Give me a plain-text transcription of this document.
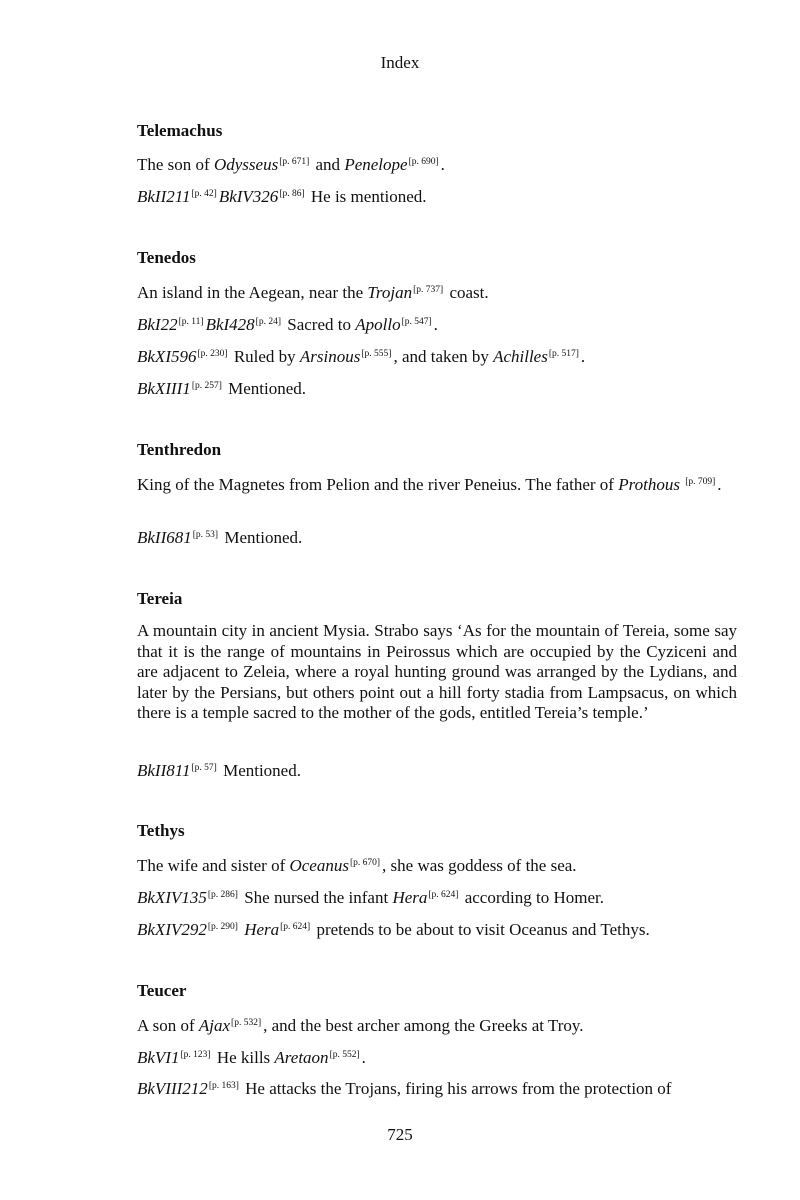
Index
Telemachus
The son of Odysseus[p. 671] and Penelope[p. 690] .
BkII211[p. 42] BkIV326[p. 86] He is mentioned.
Tenedos
An island in the Aegean, near the Trojan[p. 737] coast.
BkI22[p. 11] BkI428[p. 24] Sacred to Apollo[p. 547] .
BkXI596[p. 230] Ruled by Arsinous[p. 555] , and taken by Achilles[p. 517] .
BkXIII1[p. 257] Mentioned.
Tenthredon
King of the Magnetes from Pelion and the river Peneius. The father of Prothous [p. 709] .
BkII681[p. 53] Mentioned.
Tereia
A mountain city in ancient Mysia. Strabo says ‘As for the mountain of Tereia, some say that it is the range of mountains in Peirossus which are occupied by the Cyziceni and are adjacent to Zeleia, where a royal hunting ground was arranged by the Lydians, and later by the Persians, but others point out a hill forty stadia from Lampsacus, on which there is a temple sacred to the mother of the gods, entitled Tereia’s temple.’
BkII811[p. 57] Mentioned.
Tethys
The wife and sister of Oceanus[p. 670] , she was goddess of the sea.
BkXIV135[p. 286] She nursed the infant Hera[p. 624] according to Homer.
BkXIV292[p. 290] Hera[p. 624] pretends to be about to visit Oceanus and Tethys.
Teucer
A son of Ajax[p. 532] , and the best archer among the Greeks at Troy.
BkVI1[p. 123] He kills Aretaon[p. 552] .
BkVIII212[p. 163] He attacks the Trojans, firing his arrows from the protection of
725
